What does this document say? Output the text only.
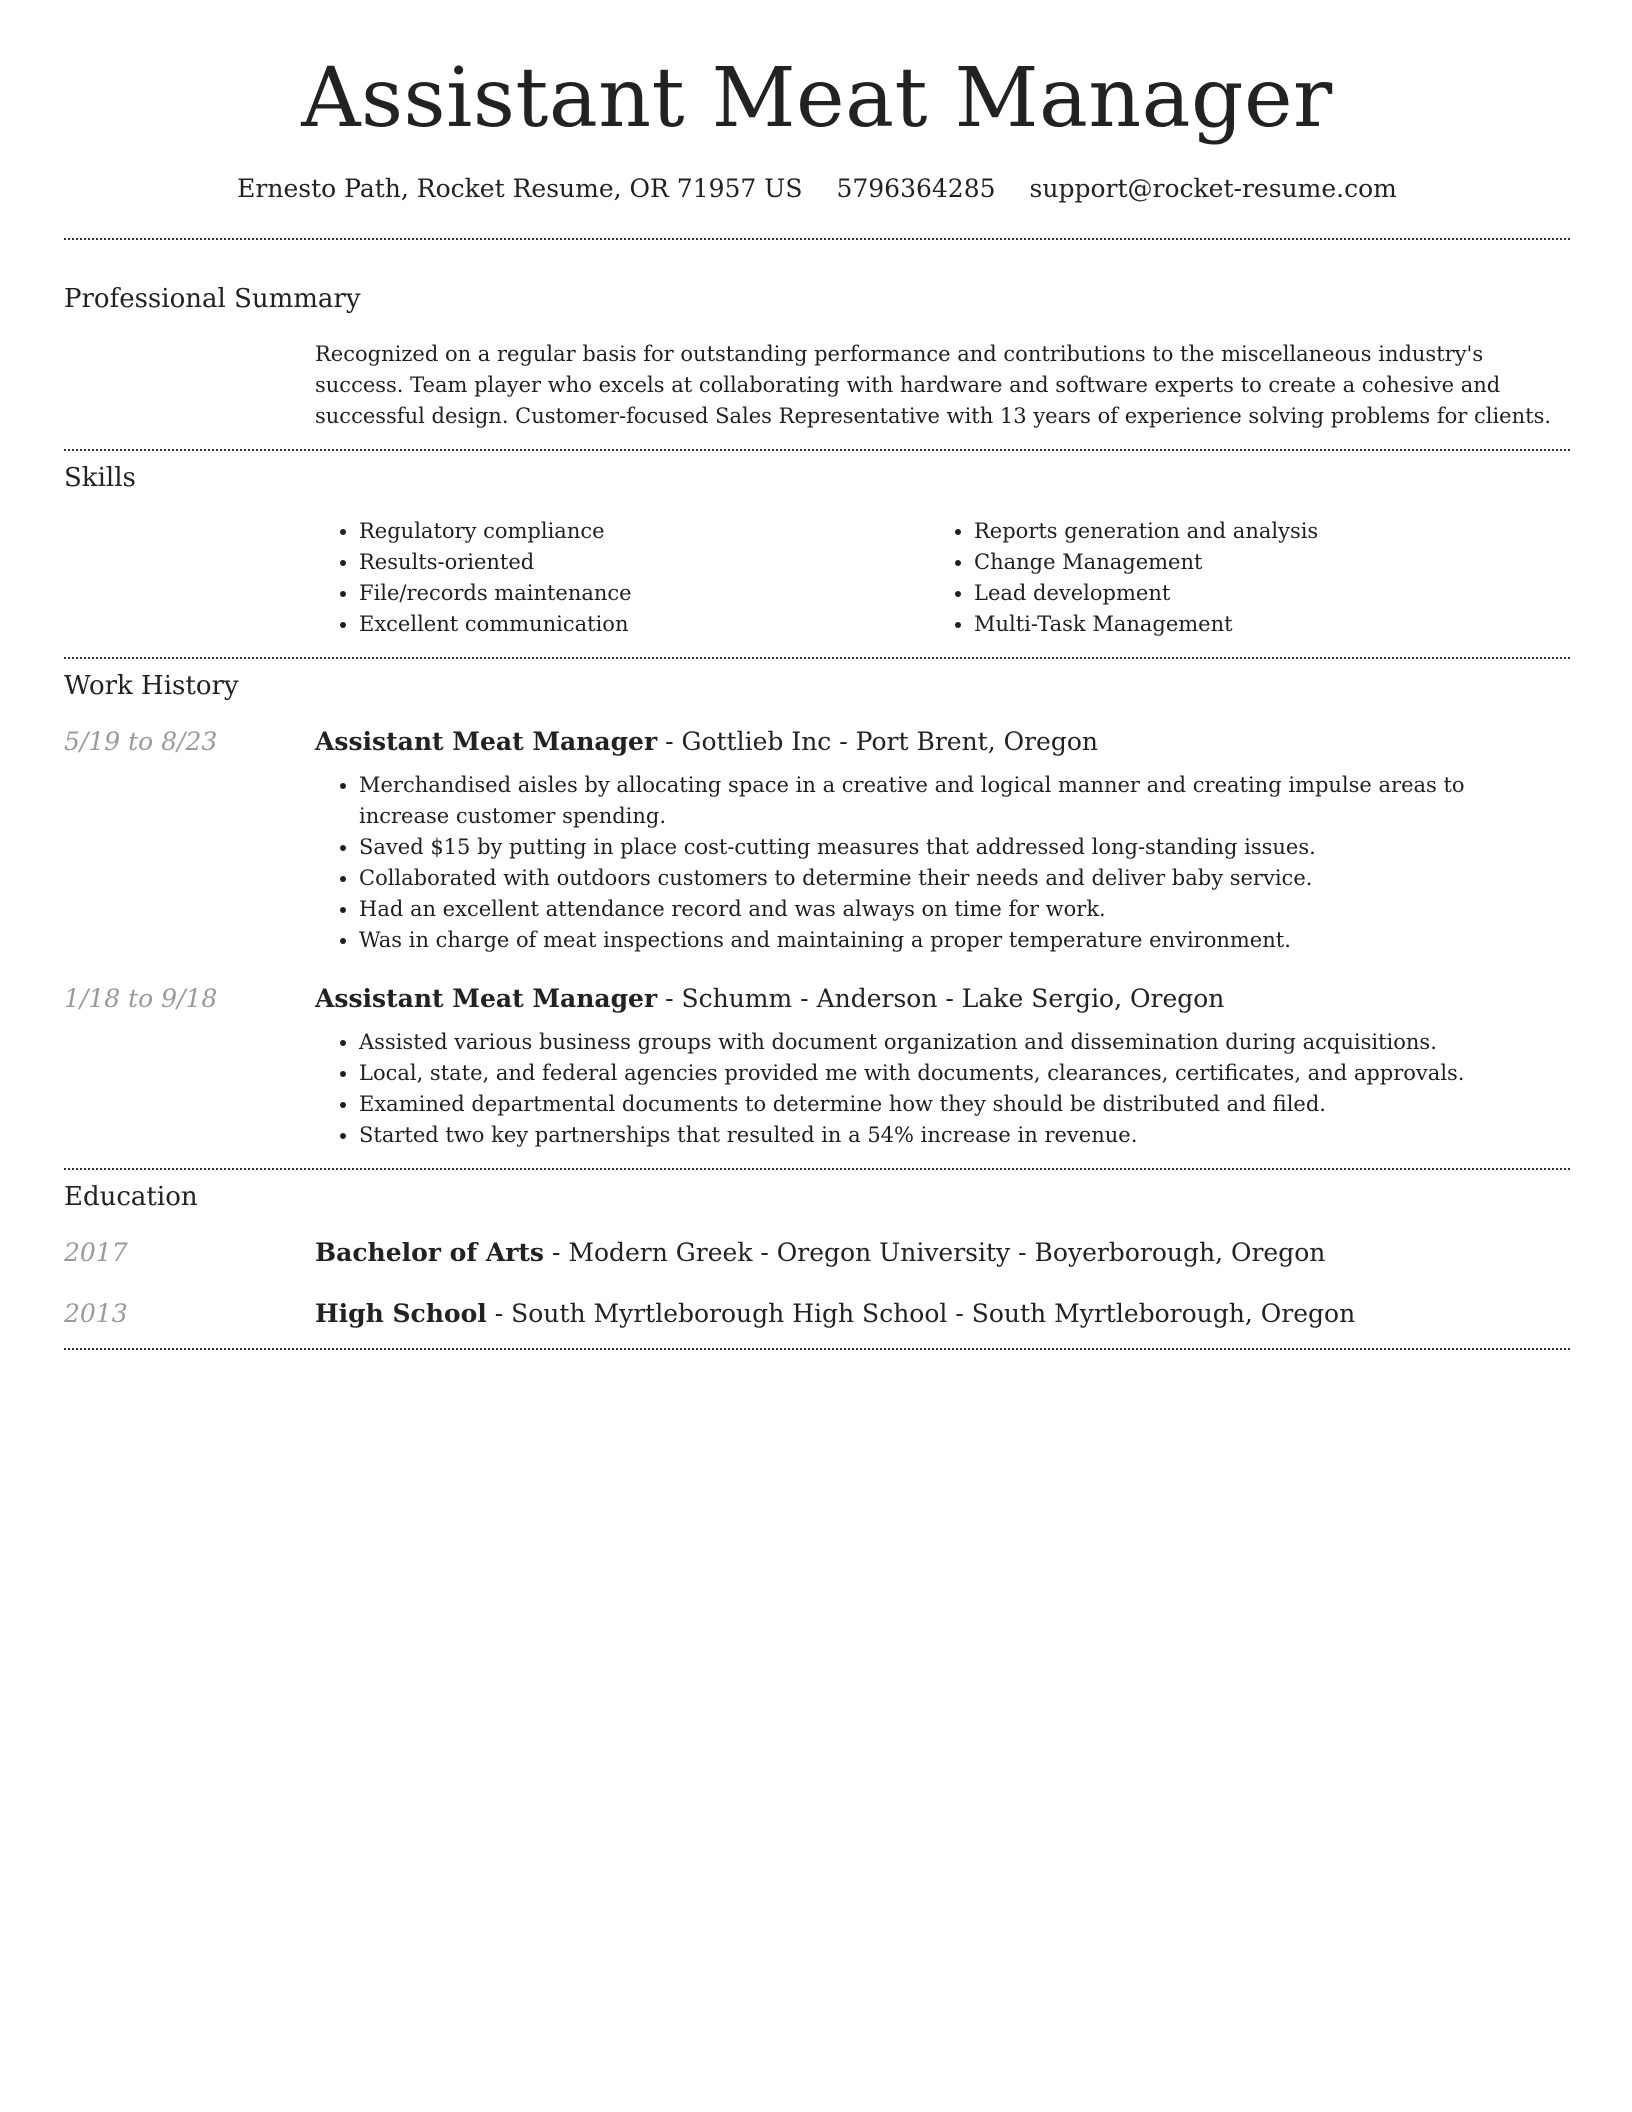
Assistant Meat Manager
Ernesto Path, Rocket Resume, OR 71957 US 5796364285 support@rocket-resume.com
Professional Summary
Recognized on a regular basis for outstanding performance and contributions to the miscellaneous industry's success. Team player who excels at collaborating with hardware and software experts to create a cohesive and successful design. Customer-focused Sales Representative with 13 years of experience solving problems for clients.
Skills
• Regulatory compliance
• Results-oriented
• File/records maintenance
• Excellent communication
• Reports generation and analysis
• Change Management
• Lead development
• Multi-Task Management
Work History
5/19 to 8/23	Assistant Meat Manager - Gottlieb Inc - Port Brent, Oregon
• Merchandised aisles by allocating space in a creative and logical manner and creating impulse areas to increase customer spending.
• Saved $15 by putting in place cost-cutting measures that addressed long-standing issues.
• Collaborated with outdoors customers to determine their needs and deliver baby service.
• Had an excellent attendance record and was always on time for work.
• Was in charge of meat inspections and maintaining a proper temperature environment.
1/18 to 9/18	Assistant Meat Manager - Schumm - Anderson - Lake Sergio, Oregon
• Assisted various business groups with document organization and dissemination during acquisitions.
• Local, state, and federal agencies provided me with documents, clearances, certificates, and approvals.
• Examined departmental documents to determine how they should be distributed and filed.
• Started two key partnerships that resulted in a 54% increase in revenue.
Education
2017	Bachelor of Arts - Modern Greek - Oregon University - Boyerborough, Oregon
2013	High School - South Myrtleborough High School - South Myrtleborough, Oregon
